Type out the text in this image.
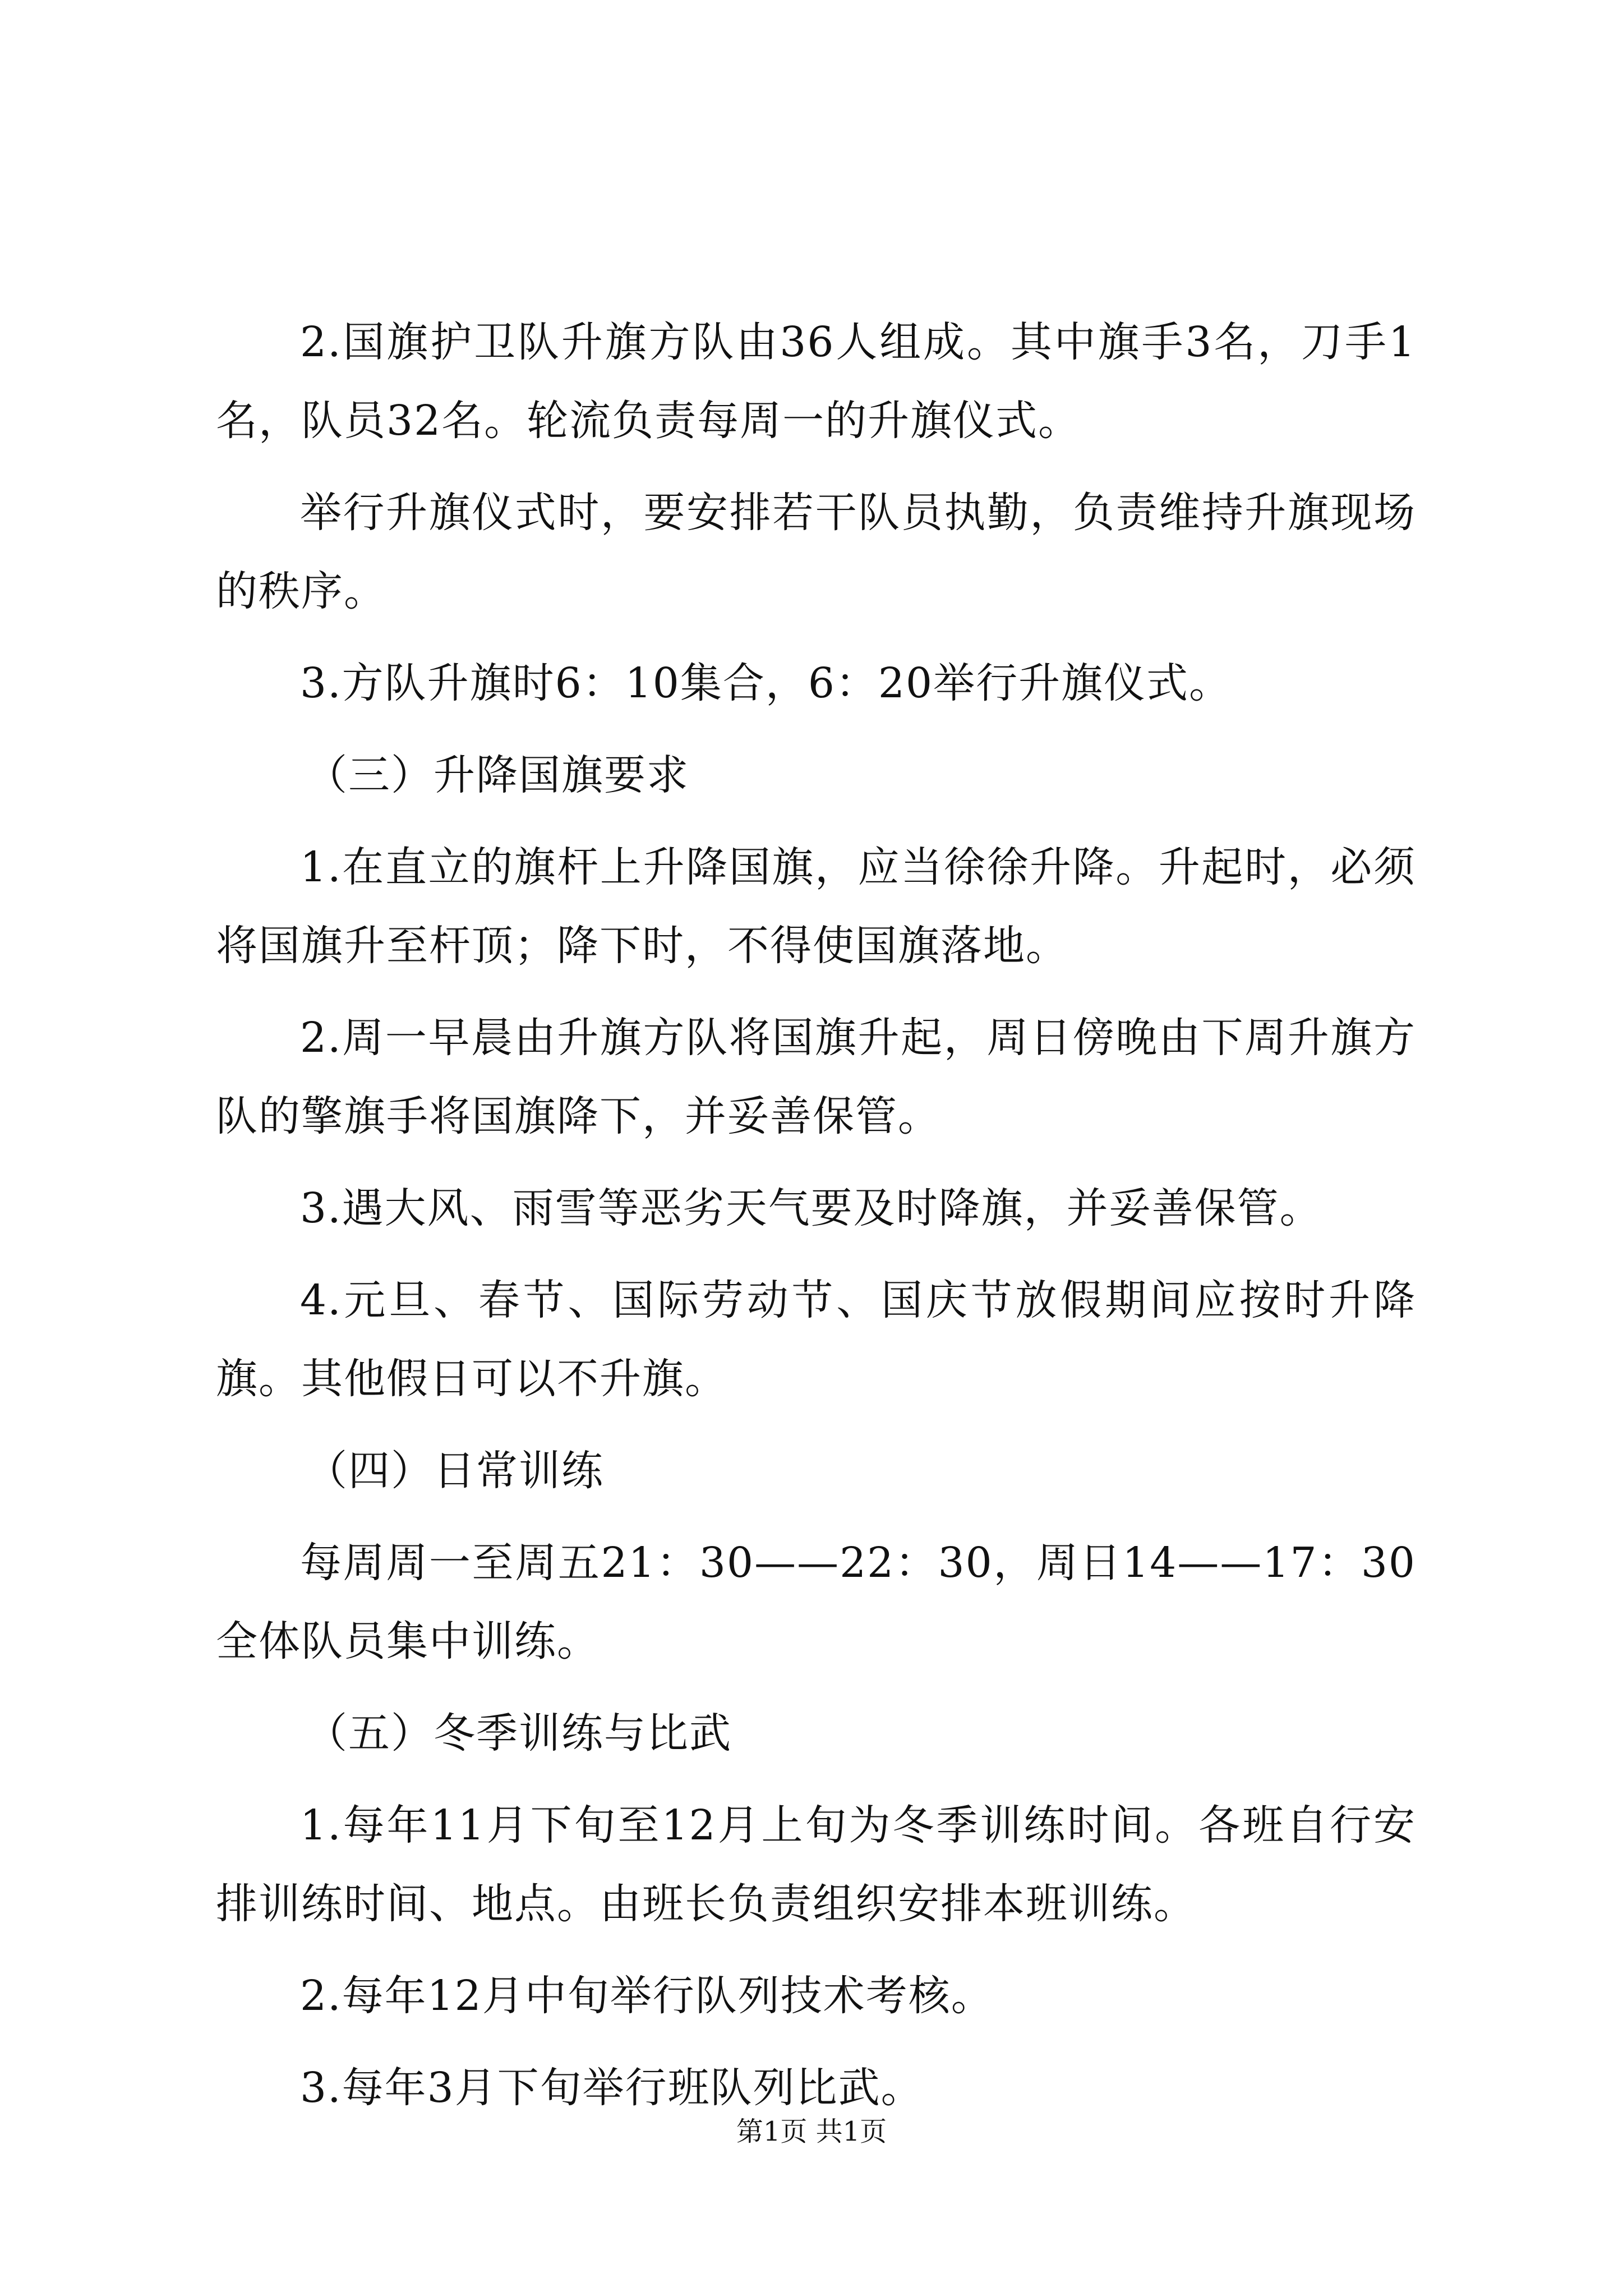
2.国旗护卫队升旗方队由36人组成。其中旗手3名，刀手1名，队员32名。轮流负责每周一的升旗仪式。

举行升旗仪式时，要安排若干队员执勤，负责维持升旗现场的秩序。

3.方队升旗时6：10集合，6：20举行升旗仪式。

（三）升降国旗要求

1.在直立的旗杆上升降国旗，应当徐徐升降。升起时，必须将国旗升至杆顶；降下时，不得使国旗落地。

2.周一早晨由升旗方队将国旗升起，周日傍晚由下周升旗方队的擎旗手将国旗降下，并妥善保管。

3.遇大风、雨雪等恶劣天气要及时降旗，并妥善保管。

4.元旦、春节、国际劳动节、国庆节放假期间应按时升降旗。其他假日可以不升旗。

（四）日常训练

每周周一至周五21：30——22：30，周日14——17：30全体队员集中训练。

（五）冬季训练与比武

1.每年11月下旬至12月上旬为冬季训练时间。各班自行安排训练时间、地点。由班长负责组织安排本班训练。

2.每年12月中旬举行队列技术考核。

3.每年3月下旬举行班队列比武。

第1页 共1页
